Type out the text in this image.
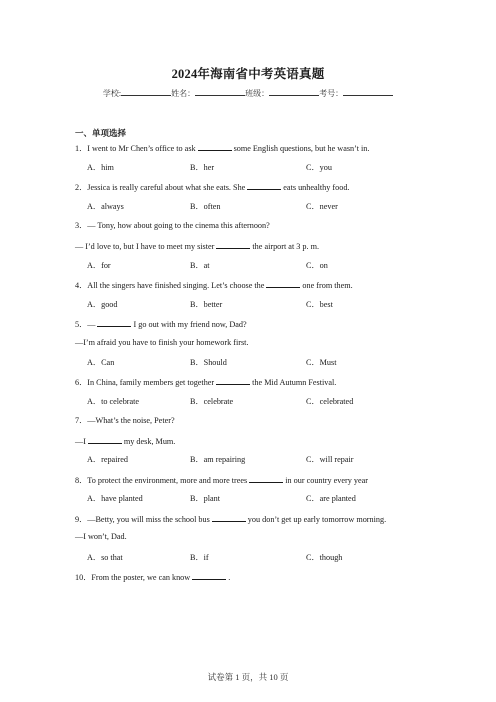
2024年海南省中考英语真题
学校:	姓名：	班级：	考号：
一、单项选择
1．I went to Mr Chen’s office to ask	some English questions, but he wasn’t in.
A．him	B．her	C．you
2．Jessica is really careful about what she eats. She	eats unhealthy food.
A．always	B．often	C．never
3．— Tony, how about going to the cinema this afternoon?
— I’d love to, but I have to meet my sister	the airport at 3 p. m.
A．for	B．at	C．on
4．All the singers have finished singing. Let’s choose the	one from them.
A．good	B．better	C．best
5．—	I go out with my friend now, Dad?
—I’m afraid you have to finish your homework first.
A．Can	B．Should	C．Must
6．In China, family members get together	the Mid Autumn Festival.
A．to celebrate	B．celebrate	C．celebrated
7．—What’s the noise, Peter?
—I	my desk, Mum.
A．repaired	B．am repairing	C．will repair
8．To protect the environment, more and more trees	in our country every year
A．have planted	B．plant	C．are planted
9．—Betty, you will miss the school bus	you don’t get up early tomorrow morning.
—I won’t, Dad.
A．so that	B．if	C．though
10．From the poster, we can know	.
试卷第 1 页，共 10 页
